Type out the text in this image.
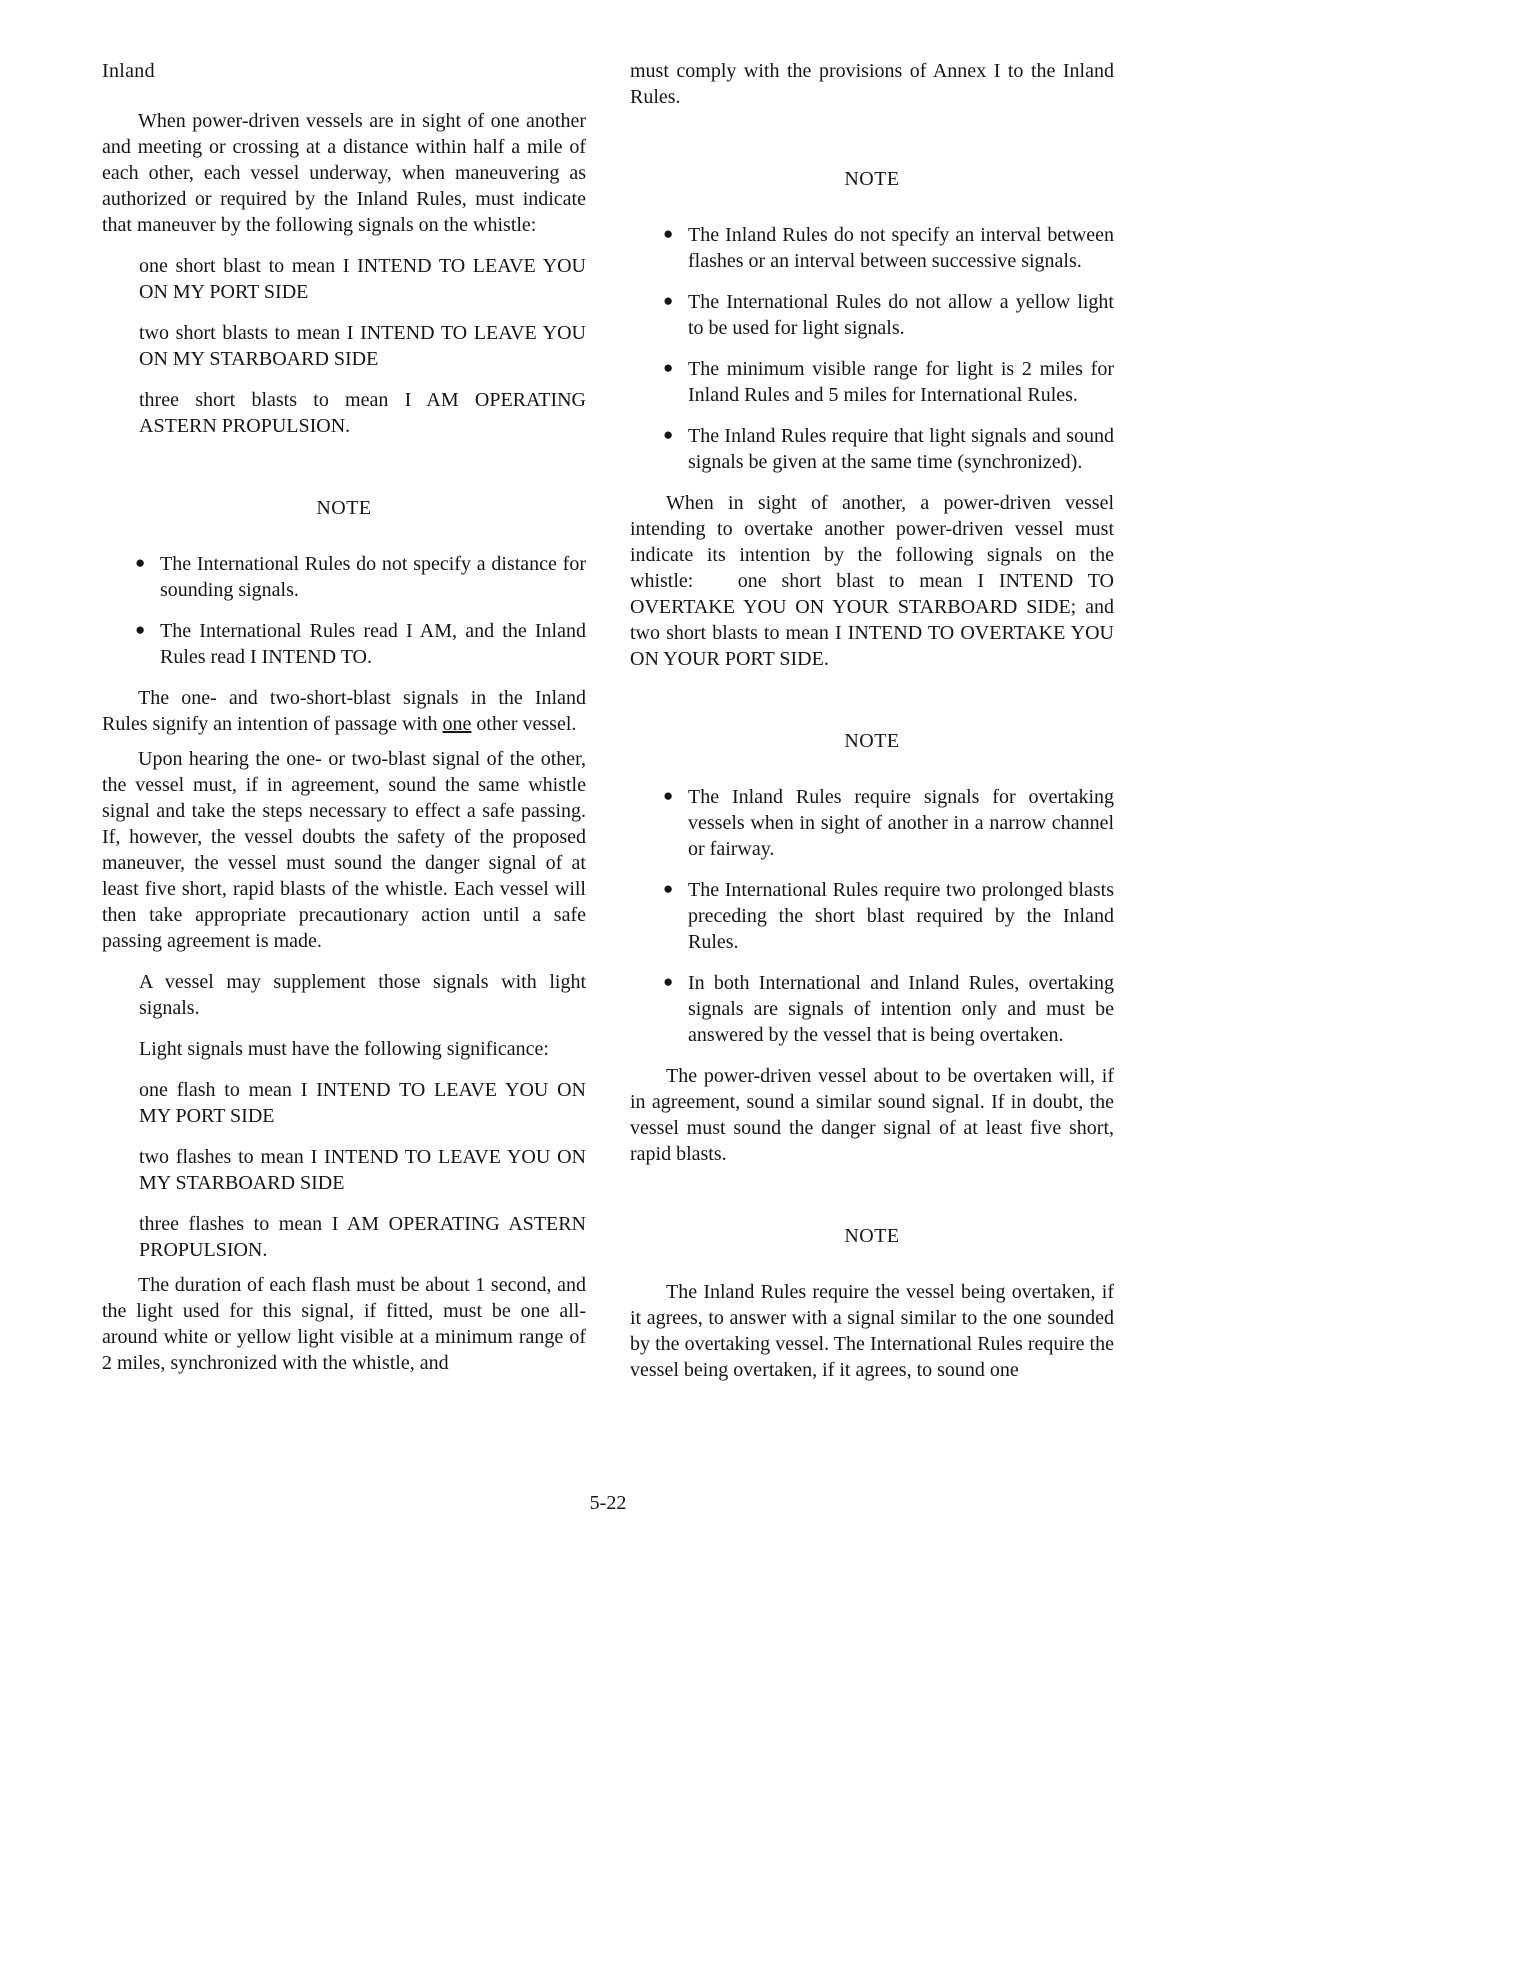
Inland

When power-driven vessels are in sight of one another and meeting or crossing at a distance within half a mile of each other, each vessel underway, when maneuvering as authorized or required by the Inland Rules, must indicate that maneuver by the following signals on the whistle:

one short blast to mean I INTEND TO LEAVE YOU ON MY PORT SIDE

two short blasts to mean I INTEND TO LEAVE YOU ON MY STARBOARD SIDE

three short blasts to mean I AM OPERATING ASTERN PROPULSION.

NOTE
● The International Rules do not specify a distance for sounding signals.
● The International Rules read I AM, and the Inland Rules read I INTEND TO.

The one- and two-short-blast signals in the Inland Rules signify an intention of passage with one other vessel.

Upon hearing the one- or two-blast signal of the other, the vessel must, if in agreement, sound the same whistle signal and take the steps necessary to effect a safe passing. If, however, the vessel doubts the safety of the proposed maneuver, the vessel must sound the danger signal of at least five short, rapid blasts of the whistle. Each vessel will then take appropriate precautionary action until a safe passing agreement is made.

A vessel may supplement those signals with light signals.

Light signals must have the following significance:

one flash to mean I INTEND TO LEAVE YOU ON MY PORT SIDE

two flashes to mean I INTEND TO LEAVE YOU ON MY STARBOARD SIDE

three flashes to mean I AM OPERATING ASTERN PROPULSION.

The duration of each flash must be about 1 second, and the light used for this signal, if fitted, must be one all-around white or yellow light visible at a minimum range of 2 miles, synchronized with the whistle, and

must comply with the provisions of Annex I to the Inland Rules.

NOTE
● The Inland Rules do not specify an interval between flashes or an interval between successive signals.
● The International Rules do not allow a yellow light to be used for light signals.
● The minimum visible range for light is 2 miles for Inland Rules and 5 miles for International Rules.
● The Inland Rules require that light signals and sound signals be given at the same time (synchronized).

When in sight of another, a power-driven vessel intending to overtake another power-driven vessel must indicate its intention by the following signals on the whistle:   one short blast to mean I INTEND TO OVERTAKE YOU ON YOUR STARBOARD SIDE; and two short blasts to mean I INTEND TO OVERTAKE YOU ON YOUR PORT SIDE.

NOTE
● The Inland Rules require signals for overtaking vessels when in sight of another in a narrow channel or fairway.
● The International Rules require two prolonged blasts preceding the short blast required by the Inland Rules.
● In both International and Inland Rules, overtaking signals are signals of intention only and must be answered by the vessel that is being overtaken.

The power-driven vessel about to be overtaken will, if in agreement, sound a similar sound signal. If in doubt, the vessel must sound the danger signal of at least five short, rapid blasts.

NOTE

The Inland Rules require the vessel being overtaken, if it agrees, to answer with a signal similar to the one sounded by the overtaking vessel. The International Rules require the vessel being overtaken, if it agrees, to sound one

5-22
